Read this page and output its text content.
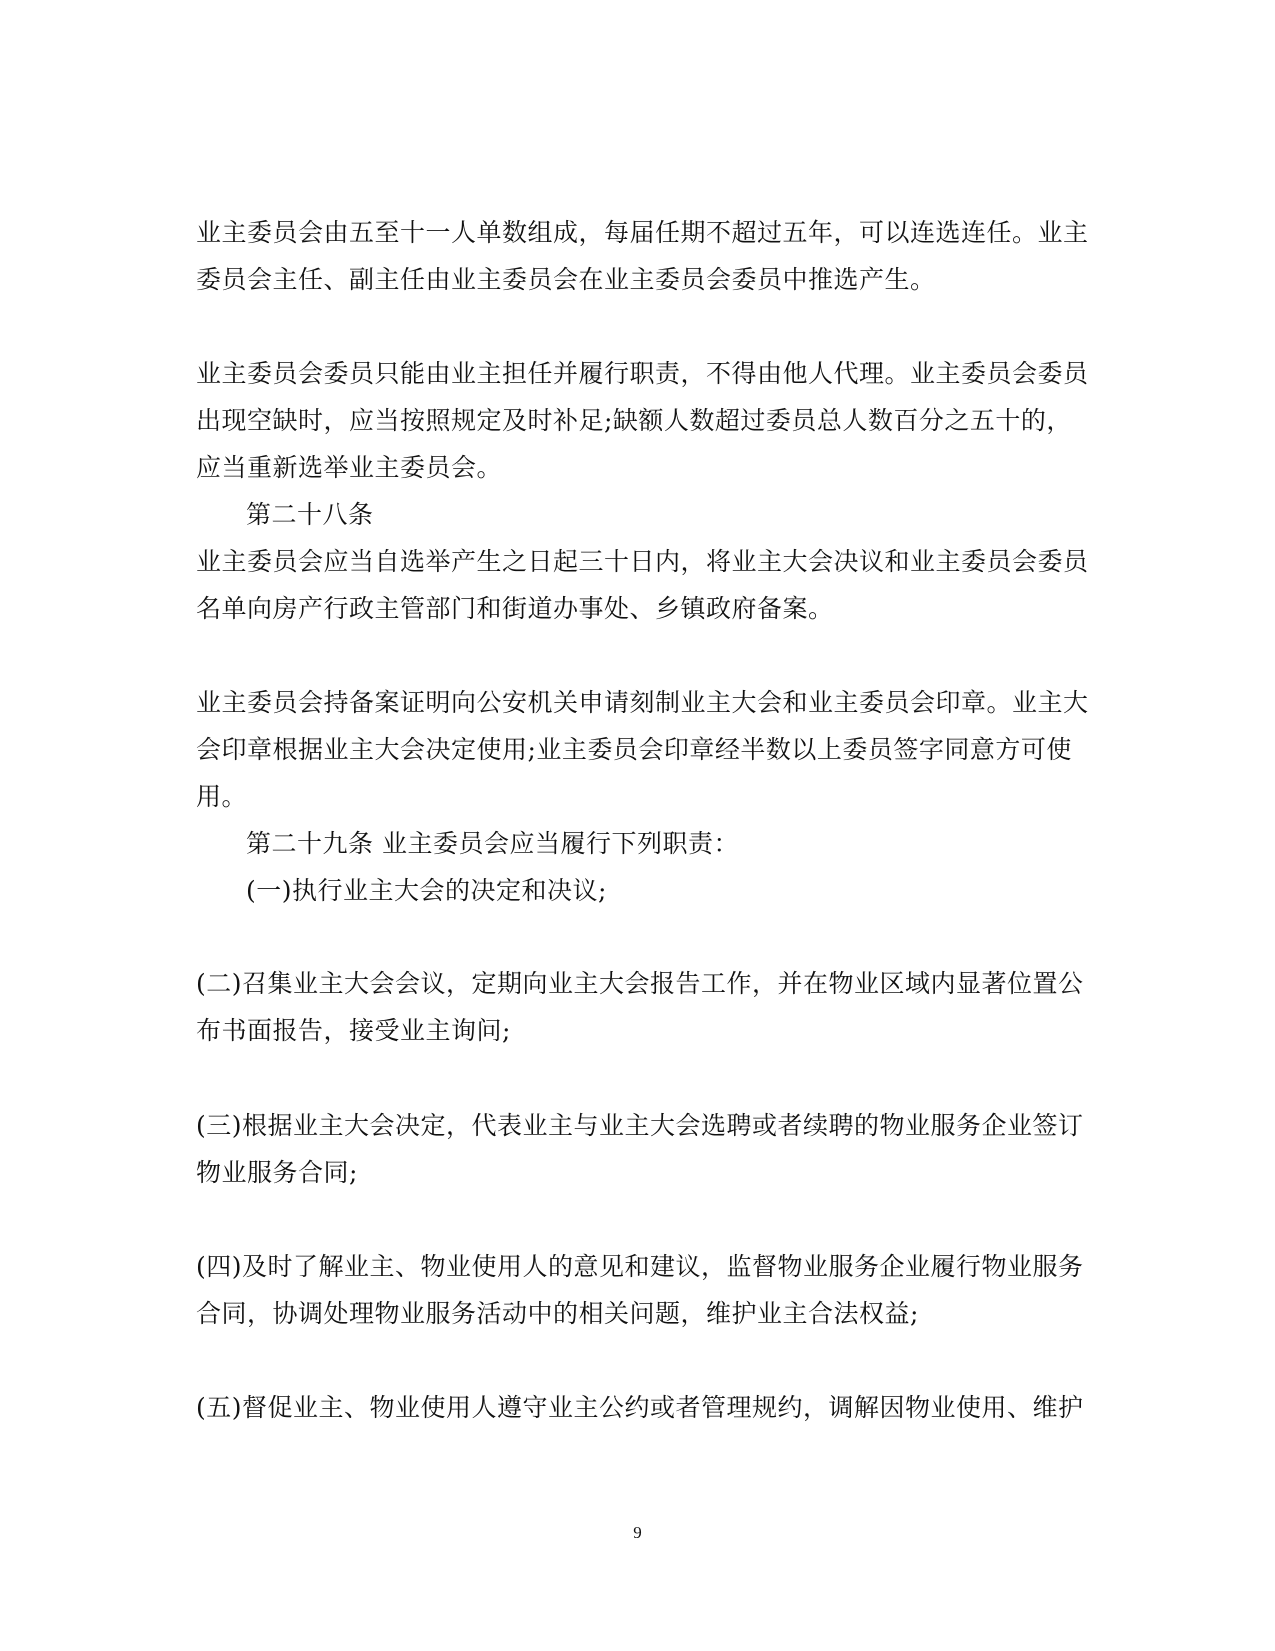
业主委员会由五至十一人单数组成，每届任期不超过五年，可以连选连任。业主
委员会主任、副主任由业主委员会在业主委员会委员中推选产生。
业主委员会委员只能由业主担任并履行职责，不得由他人代理。业主委员会委员
出现空缺时，应当按照规定及时补足;缺额人数超过委员总人数百分之五十的，
应当重新选举业主委员会。
第二十八条
业主委员会应当自选举产生之日起三十日内，将业主大会决议和业主委员会委员
名单向房产行政主管部门和街道办事处、乡镇政府备案。
业主委员会持备案证明向公安机关申请刻制业主大会和业主委员会印章。业主大
会印章根据业主大会决定使用;业主委员会印章经半数以上委员签字同意方可使
用。
第二十九条 业主委员会应当履行下列职责：
(一)执行业主大会的决定和决议;
(二)召集业主大会会议，定期向业主大会报告工作，并在物业区域内显著位置公
布书面报告，接受业主询问;
(三)根据业主大会决定，代表业主与业主大会选聘或者续聘的物业服务企业签订
物业服务合同;
(四)及时了解业主、物业使用人的意见和建议，监督物业服务企业履行物业服务
合同，协调处理物业服务活动中的相关问题，维护业主合法权益;
(五)督促业主、物业使用人遵守业主公约或者管理规约，调解因物业使用、维护
9
